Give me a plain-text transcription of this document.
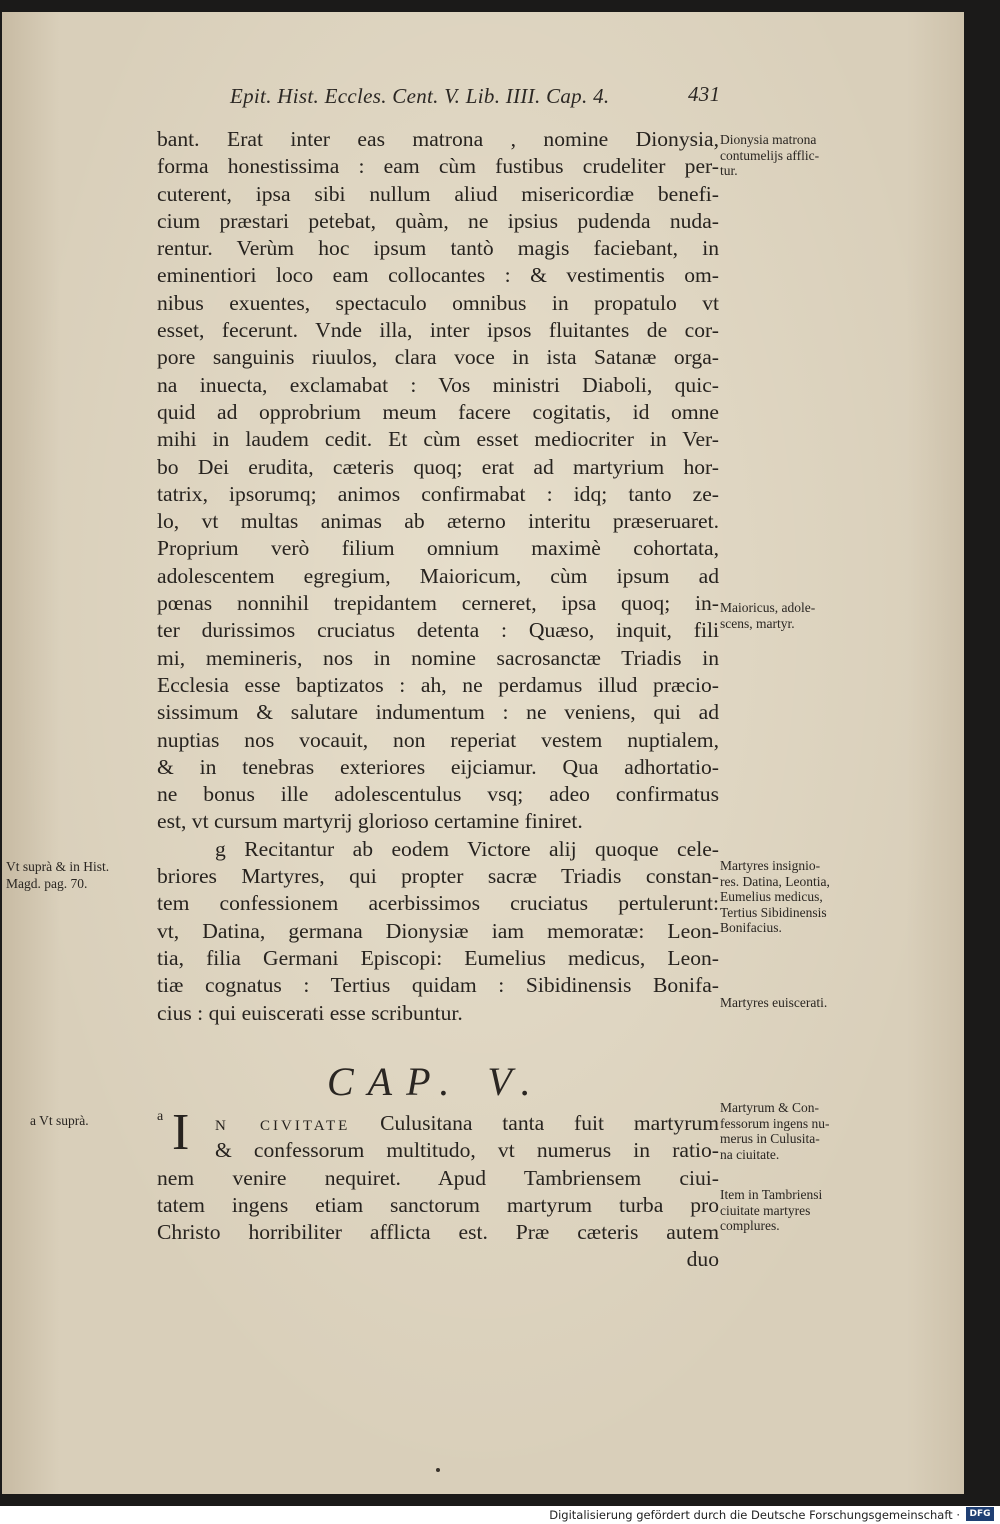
Epit. Hist. Eccles. Cent. V. Lib. IIII. Cap. 4.	431
bant. Erat inter eas matrona , nomine Dionysia,
forma honestissima : eam cùm fustibus crudeliter per-
cuterent, ipsa sibi nullum aliud misericordiæ benefi-
cium præstari petebat, quàm, ne ipsius pudenda nuda-
rentur. Verùm hoc ipsum tantò magis faciebant, in
eminentiori loco eam collocantes : & vestimentis om-
nibus exuentes, spectaculo omnibus in propatulo vt
esset, fecerunt. Vnde illa, inter ipsos fluitantes de cor-
pore sanguinis riuulos, clara voce in ista Satanæ orga-
na inuecta, exclamabat : Vos ministri Diaboli, quic-
quid ad opprobrium meum facere cogitatis, id omne
mihi in laudem cedit. Et cùm esset mediocriter in Ver-
bo Dei erudita, cæteris quoq; erat ad martyrium hor-
tatrix, ipsorumq; animos confirmabat : idq; tanto ze-
lo, vt multas animas ab æterno interitu præseruaret.
Proprium verò filium omnium maximè cohortata,
adolescentem egregium, Maioricum, cùm ipsum ad
pœnas nonnihil trepidantem cerneret, ipsa quoq; in-
ter durissimos cruciatus detenta : Quæso, inquit, fili
mi, memineris, nos in nomine sacrosanctæ Triadis in
Ecclesia esse baptizatos : ah, ne perdamus illud præcio-
sissimum & salutare indumentum : ne veniens, qui ad
nuptias nos vocauit, non reperiat vestem nuptialem,
& in tenebras exteriores eijciamur. Qua adhortatio-
ne bonus ille adolescentulus vsq; adeo confirmatus
est, vt cursum martyrij glorioso certamine finiret.
g Recitantur ab eodem Victore alij quoque cele-
briores Martyres, qui propter sacræ Triadis constan-
tem confessionem acerbissimos cruciatus pertulerunt:
vt, Datina, germana Dionysiæ iam memoratæ: Leon-
tia, filia Germani Episcopi: Eumelius medicus, Leon-
tiæ cognatus : Tertius quidam : Sibidinensis Bonifa-
cius : qui euiscerati esse scribuntur.
CAP. V.
a I	N CIVITATE Culusitana tanta fuit martyrum
& confessorum multitudo, vt numerus in ratio-
nem venire nequiret. Apud Tambriensem ciui-
tatem ingens etiam sanctorum martyrum turba pro
Christo horribiliter afflicta est. Præ cæteris autem
duo
Dionysia matrona
contumelijs afflic-
tur.
Maioricus, adole-
scens, martyr.
Martyres insignio-
res. Datina, Leontia,
Eumelius medicus,
Tertius Sibidinensis
Bonifacius.
Martyres euiscerati.
Martyrum & Con-
fessorum ingens nu-
merus in Culusita-
na ciuitate.
Item in Tambriensi
ciuitate martyres
complures.
Vt suprà & in Hist.
Magd. pag. 70.
a Vt suprà.
Digitalisierung gefördert durch die Deutsche Forschungsgemeinschaft ·	DFG
